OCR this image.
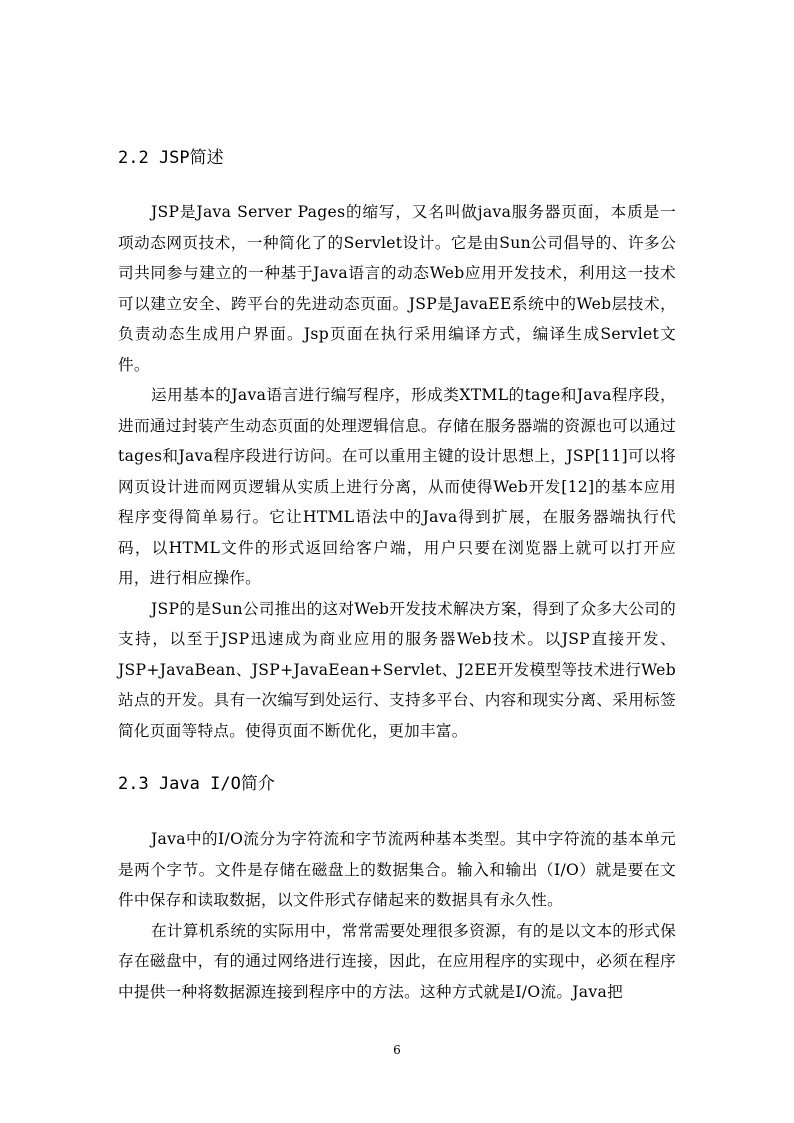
2.2 JSP简述

JSP是Java Server Pages的缩写，又名叫做java服务器页面，本质是一项动态网页技术，一种简化了的Servlet设计。它是由Sun公司倡导的、许多公司共同参与建立的一种基于Java语言的动态Web应用开发技术，利用这一技术可以建立安全、跨平台的先进动态页面。JSP是JavaEE系统中的Web层技术，负责动态生成用户界面。Jsp页面在执行采用编译方式，编译生成Servlet文件。

运用基本的Java语言进行编写程序，形成类XTML的tage和Java程序段，进而通过封装产生动态页面的处理逻辑信息。存储在服务器端的资源也可以通过tages和Java程序段进行访问。在可以重用主键的设计思想上，JSP[11]可以将网页设计进而网页逻辑从实质上进行分离，从而使得Web开发[12]的基本应用程序变得简单易行。它让HTML语法中的Java得到扩展，在服务器端执行代码，以HTML文件的形式返回给客户端，用户只要在浏览器上就可以打开应用，进行相应操作。

JSP的是Sun公司推出的这对Web开发技术解决方案，得到了众多大公司的支持，以至于JSP迅速成为商业应用的服务器Web技术。以JSP直接开发、JSP+JavaBean、JSP+JavaEean+Servlet、J2EE开发模型等技术进行Web站点的开发。具有一次编写到处运行、支持多平台、内容和现实分离、采用标签简化页面等特点。使得页面不断优化，更加丰富。

2.3 Java I/O简介

Java中的I/O流分为字符流和字节流两种基本类型。其中字符流的基本单元是两个字节。文件是存储在磁盘上的数据集合。输入和输出（I/O）就是要在文件中保存和读取数据，以文件形式存储起来的数据具有永久性。

在计算机系统的实际用中，常常需要处理很多资源，有的是以文本的形式保存在磁盘中，有的通过网络进行连接，因此，在应用程序的实现中，必须在程序中提供一种将数据源连接到程序中的方法。这种方式就是I/O流。Java把

6
